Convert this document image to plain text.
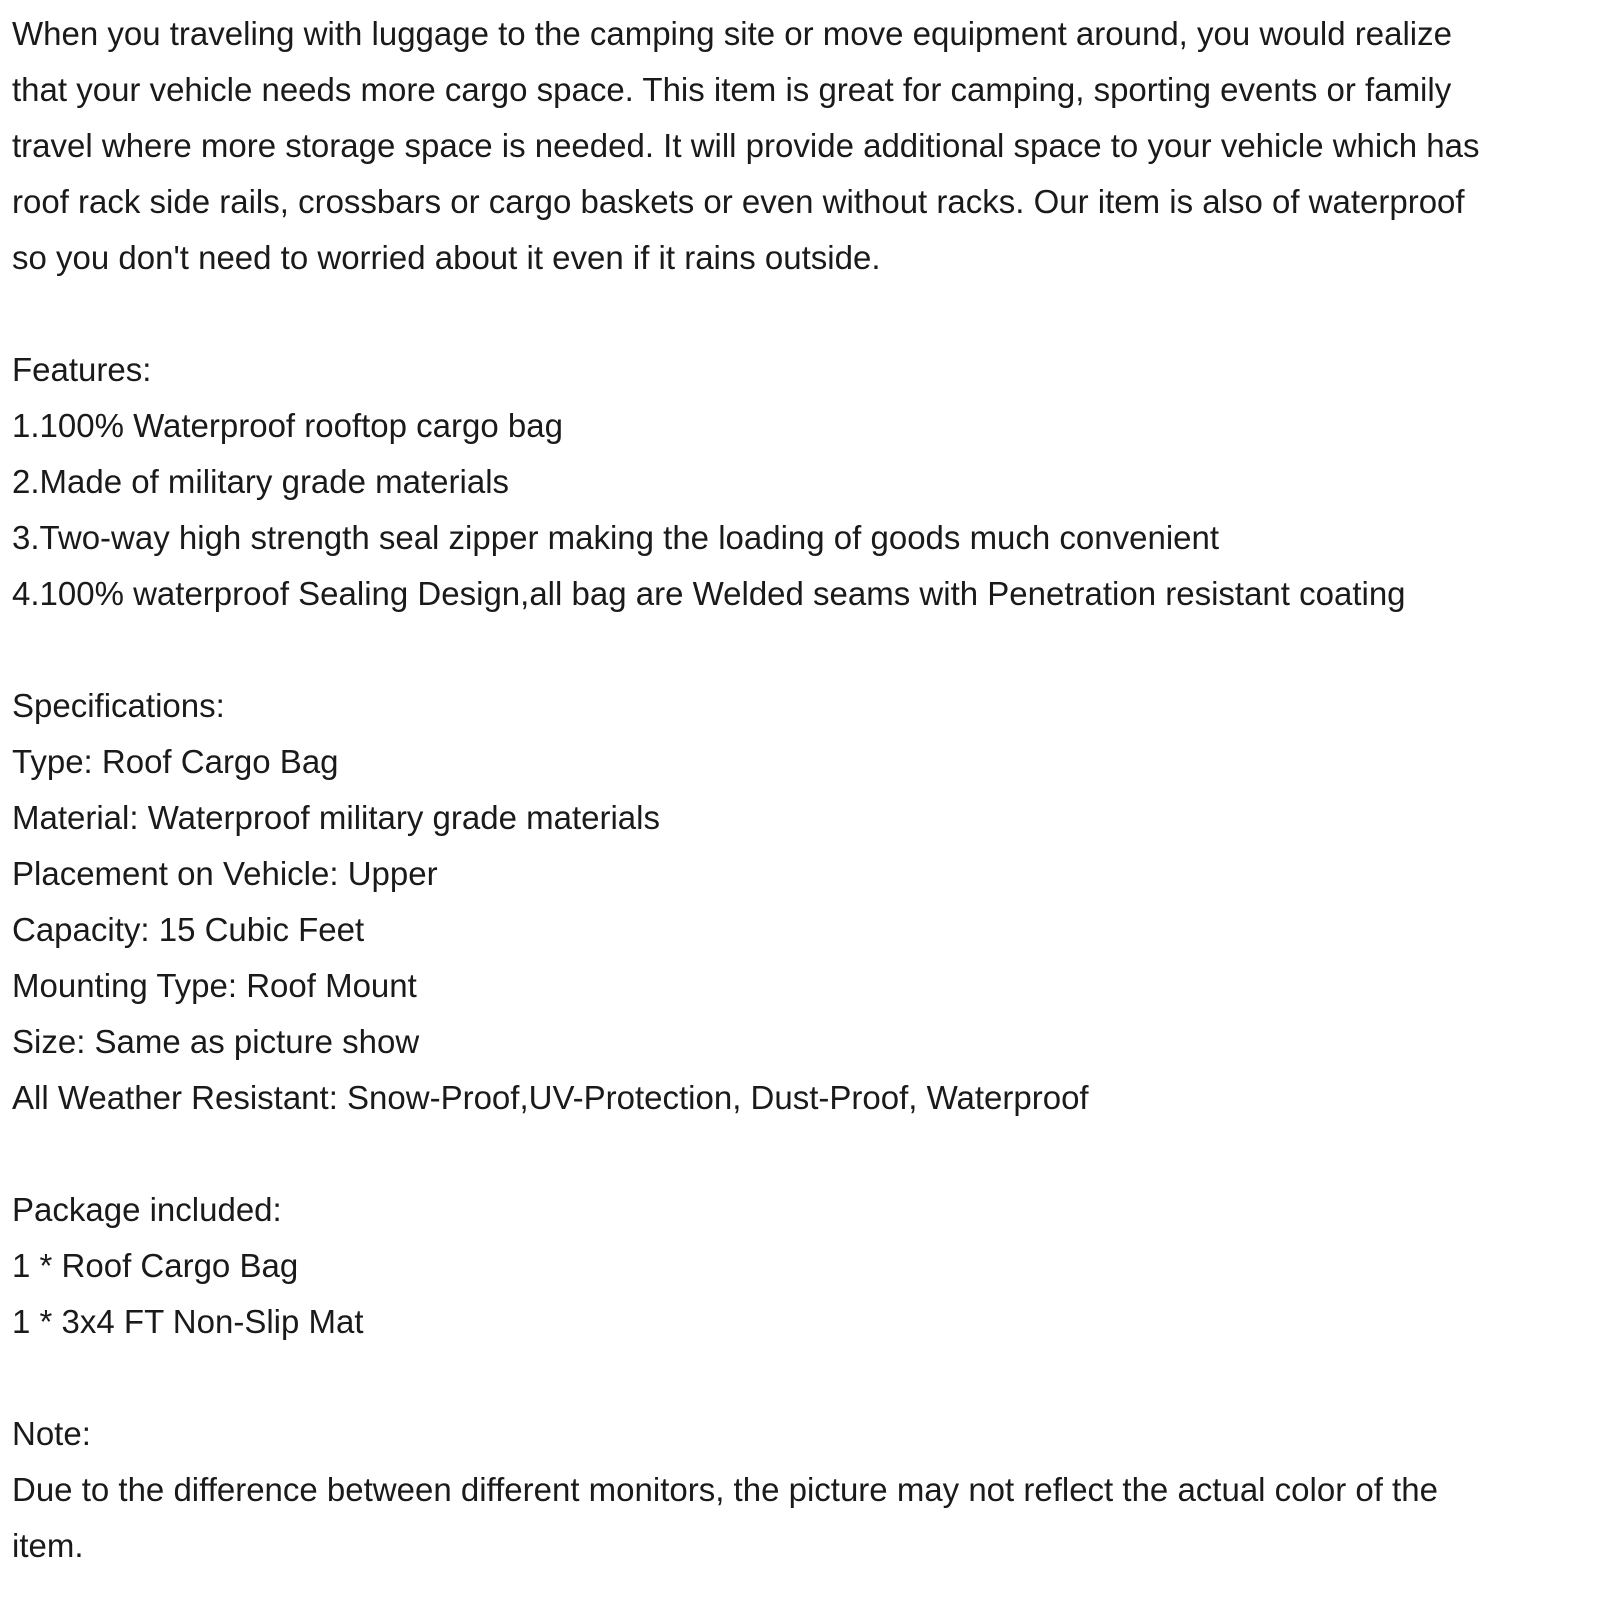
When you traveling with luggage to the camping site or move equipment around, you would realize
that your vehicle needs more cargo space. This item is great for camping, sporting events or family
travel where more storage space is needed. It will provide additional space to your vehicle which has
roof rack side rails, crossbars or cargo baskets or even without racks. Our item is also of waterproof
so you don't need to worried about it even if it rains outside.
Features:
1.100% Waterproof rooftop cargo bag
2.Made of military grade materials
3.Two-way high strength seal zipper making the loading of goods much convenient
4.100% waterproof Sealing Design,all bag are Welded seams with Penetration resistant coating
Specifications:
Type: Roof Cargo Bag
Material: Waterproof military grade materials
Placement on Vehicle: Upper
Capacity: 15 Cubic Feet
Mounting Type: Roof Mount
Size: Same as picture show
All Weather Resistant: Snow-Proof,UV-Protection, Dust-Proof, Waterproof
Package included:
1 * Roof Cargo Bag
1 * 3x4 FT Non-Slip Mat
Note:
Due to the difference between different monitors, the picture may not reflect the actual color of the
item.
